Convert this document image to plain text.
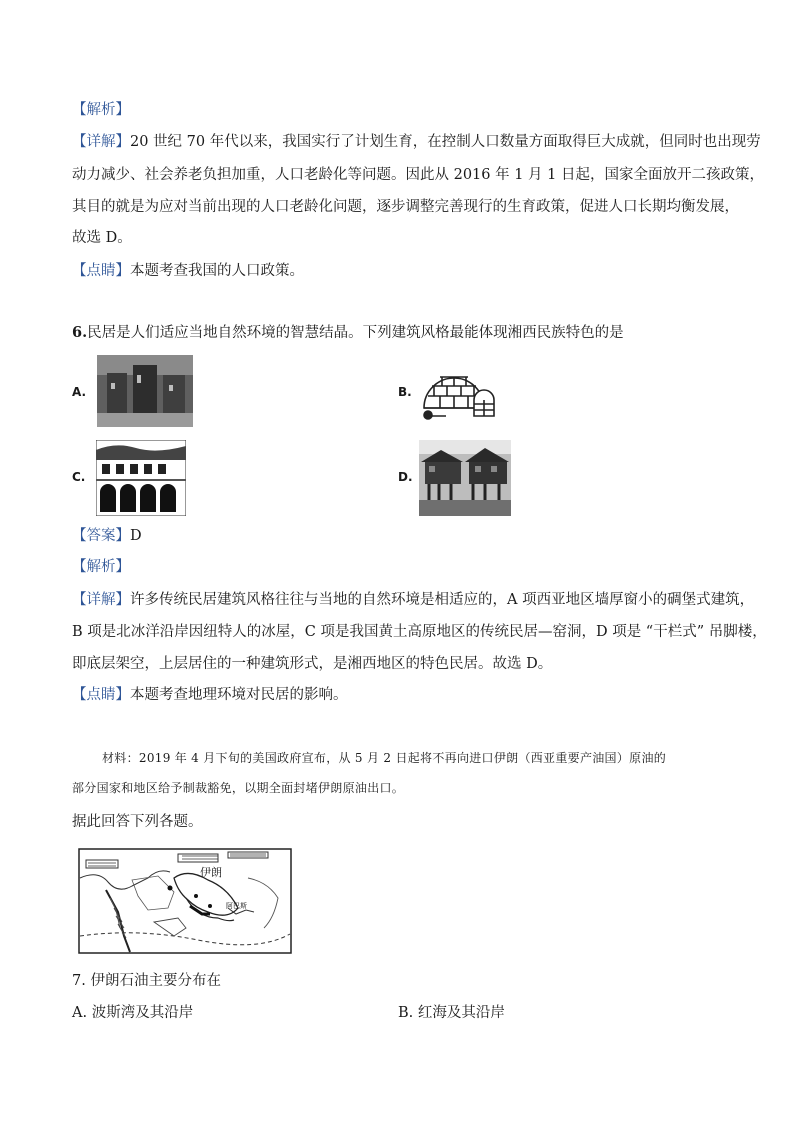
【解析】
【详解】20 世纪 70 年代以来，我国实行了计划生育，在控制人口数量方面取得巨大成就，但同时也出现劳
动力减少、社会养老负担加重，人口老龄化等问题。因此从 2016 年 1 月 1 日起，国家全面放开二孩政策，
其目的就是为应对当前出现的人口老龄化问题，逐步调整完善现行的生育政策，促进人口长期均衡发展，
故选 D。
【点睛】本题考查我国的人口政策。
6.民居是人们适应当地自然环境的智慧结晶。下列建筑风格最能体现湘西民族特色的是
A.	B.
C.	D.
【答案】D
【解析】
【详解】许多传统民居建筑风格往往与当地的自然环境是相适应的，A 项西亚地区墙厚窗小的碉堡式建筑，
B 项是北冰洋沿岸因纽特人的冰屋，C 项是我国黄土高原地区的传统民居—窑洞，D 项是 “干栏式” 吊脚楼，
即底层架空，上层居住的一种建筑形式，是湘西地区的特色民居。故选 D。
【点睛】本题考查地理环境对民居的影响。
材料：2019 年 4 月下旬的美国政府宣布，从 5 月 2 日起将不再向进口伊朗（西亚重要产油国）原油的
部分国家和地区给予制裁豁免，以期全面封堵伊朗原油出口。
据此回答下列各题。
伊朗
阿巴斯
7. 伊朗石油主要分布在
A. 波斯湾及其沿岸	B. 红海及其沿岸
